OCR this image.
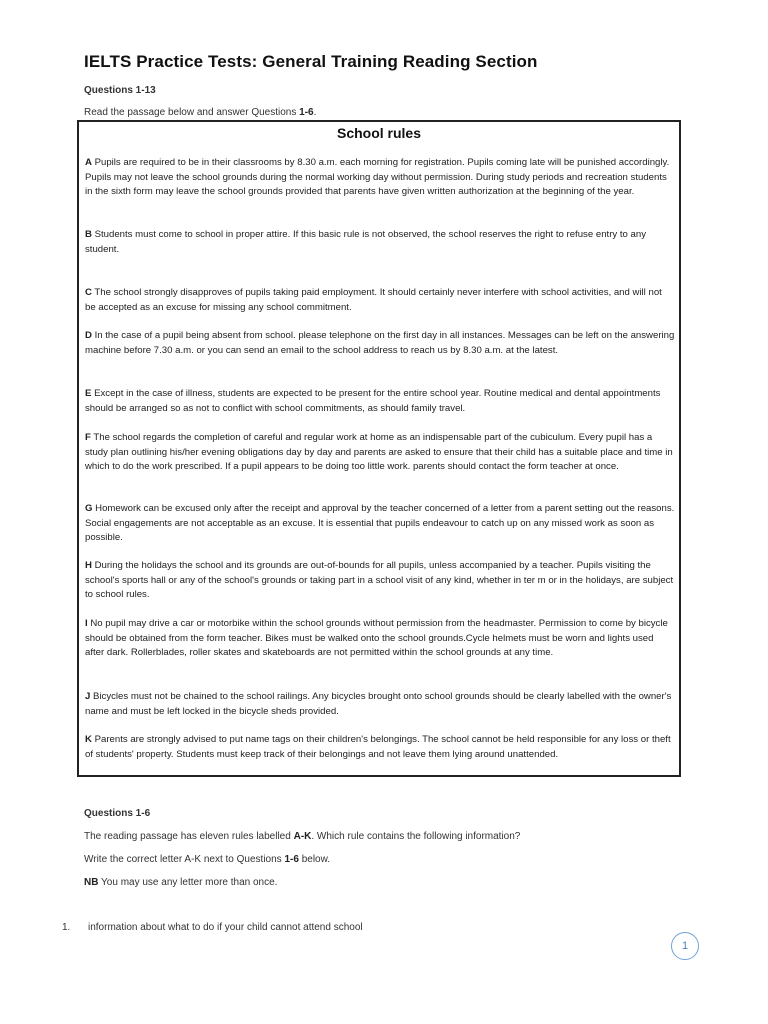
IELTS Practice Tests: General Training Reading Section
Questions 1-13
Read the passage below and answer Questions 1-6.
School rules

A Pupils are required to be in their classrooms by 8.30 a.m. each morning for registration. Pupils coming late will be punished accordingly. Pupils may not leave the school grounds during the normal working day without permission. During study periods and recreation students in the sixth form may leave the school grounds provided that parents have given written authorization at the beginning of the year.

B Students must come to school in proper attire. If this basic rule is not observed, the school reserves the right to refuse entry to any student.

C The school strongly disapproves of pupils taking paid employment. It should certainly never interfere with school activities, and will not be accepted as an excuse for missing any school commitment.

D In the case of a pupil being absent from school. please telephone on the first day in all instances. Messages can be left on the answering machine before 7.30 a.m. or you can send an email to the school address to reach us by 8.30 a.m. at the latest.

E Except in the case of illness, students are expected to be present for the entire school year. Routine medical and dental appointments should be arranged so as not to conflict with school commitments, as should family travel.

F The school regards the completion of careful and regular work at home as an indispensable part of the cubiculum. Every pupil has a study plan outlining his/her evening obligations day by day and parents are asked to ensure that their child has a suitable place and time in which to do the work prescribed. If a pupil appears to be doing too little work. parents should contact the form teacher at once.

G Homework can be excused only after the receipt and approval by the teacher concerned of a letter from a parent setting out the reasons. Social engagements are not acceptable as an excuse. It is essential that pupils endeavour to catch up on any missed work as soon as possible.

H During the holidays the school and its grounds are out-of-bounds for all pupils, unless accompanied by a teacher. Pupils visiting the school's sports hall or any of the school's grounds or taking part in a school visit of any kind, whether in ter m or in the holidays, are subject to school rules.

I No pupil may drive a car or motorbike within the school grounds without permission from the headmaster. Permission to come by bicycle should be obtained from the form teacher. Bikes must be walked onto the school grounds.Cycle helmets must be worn and lights used after dark. Rollerblades, roller skates and skateboards are not permitted within the school grounds at any time.

J Bicycles must not be chained to the school railings. Any bicycles brought onto school grounds should be clearly labelled with the owner's name and must be left locked in the bicycle sheds provided.

K Parents are strongly advised to put name tags on their children's belongings. The school cannot be held responsible for any loss or theft of students' property. Students must keep track of their belongings and not leave them lying around unattended.

Questions 1-6
The reading passage has eleven rules labelled A-K. Which rule contains the following information?
Write the correct letter A-K next to Questions 1-6 below.
NB You may use any letter more than once.
1. information about what to do if your child cannot attend school
1
